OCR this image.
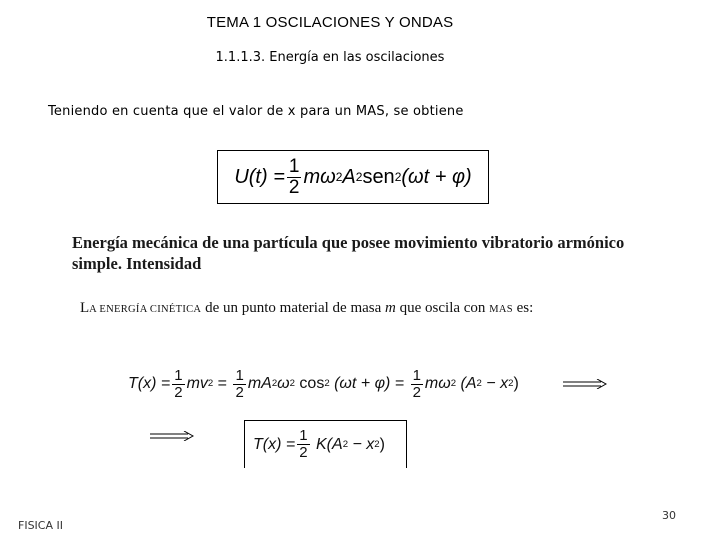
TEMA 1 OSCILACIONES Y ONDAS
1.1.1.3. Energía en las oscilaciones
Teniendo en cuenta que el valor de x para un MAS, se obtiene
$U(t) = \frac{1}{2}$ mω 2 A 2 sen 2 (ωt + φ)
Energía mecánica de una partícula que posee movimiento vibratorio armónico simple. Intensidad
LA ENERGÍA CINÉTICA de un punto material de masa m que oscila con MAS es:
$T(x) = \frac{1}{2}$ mv $2 = \frac{1}{2}$ mA 2 ω 2 cos 2 $(\omega t + \varphi) = \frac{1}{2}$ mω 2 (A 2 − x 2 )
$T(x) = \frac{1}{2} K(A$ 2 − x 2 )
FISICA II
30
